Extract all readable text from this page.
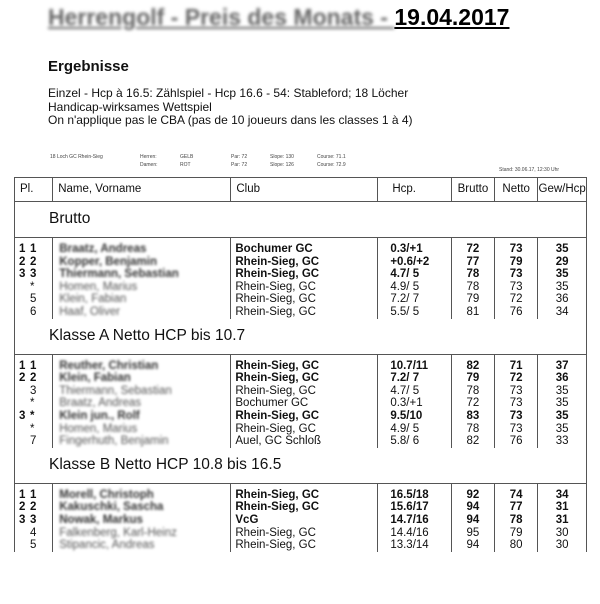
Herrengolf - Preis des Monats - 19.04.2017
Ergebnisse
Einzel - Hcp à 16.5: Zählspiel - Hcp 16.6 - 54: Stableford; 18 Löcher
Handicap-wirksames Wettspiel
On n'applique pas le CBA (pas de 10 joueurs dans les classes 1 à 4)
18 Loch GC Rhein-Sieg	Herren:
Damen:
GELB
ROT
Par: 72
Par: 72
Slope: 130
Slope: 126
Course: 71.1
Course: 72.9
Stand: 30.06.17, 12:30 Uhr
Pl.	Name, Vorname	Club	Hcp.	Brutto	Netto	Gew/Hcp
Brutto						
1 1	Braatz, Andreas	Bochumer GC	0.3/+1	72	73	35
2 2	Kopper, Benjamin	Rhein-Sieg, GC	+0.6/+2	77	79	29
3 3	Thiermann, Sebastian	Rhein-Sieg, GC	4.7/ 5	78	73	35
*	Homen, Marius	Rhein-Sieg, GC	4.9/ 5	78	73	35
5	Klein, Fabian	Rhein-Sieg, GC	7.2/ 7	79	72	36
6	Haaf, Oliver	Rhein-Sieg, GC	5.5/ 5	81	76	34
Klasse A Netto HCP bis 10.7						
1 1	Reuther, Christian	Rhein-Sieg, GC	10.7/11	82	71	37
2 2	Klein, Fabian	Rhein-Sieg, GC	7.2/ 7	79	72	36
3	Thiermann, Sebastian	Rhein-Sieg, GC	4.7/ 5	78	73	35
*	Braatz, Andreas	Bochumer GC	0.3/+1	72	73	35
3 *	Klein jun., Rolf	Rhein-Sieg, GC	9.5/10	83	73	35
*	Homen, Marius	Rhein-Sieg, GC	4.9/ 5	78	73	35
7	Fingerhuth, Benjamin	Auel, GC Schloß	5.8/ 6	82	76	33
Klasse B Netto HCP 10.8 bis 16.5						
1 1	Morell, Christoph	Rhein-Sieg, GC	16.5/18	92	74	34
2 2	Kakuschki, Sascha	Rhein-Sieg, GC	15.6/17	94	77	31
3 3	Nowak, Markus	VcG	14.7/16	94	78	31
4	Falkenberg, Karl-Heinz	Rhein-Sieg, GC	14.4/16	95	79	30
5	Stipancic, Andreas	Rhein-Sieg, GC	13.3/14	94	80	30
